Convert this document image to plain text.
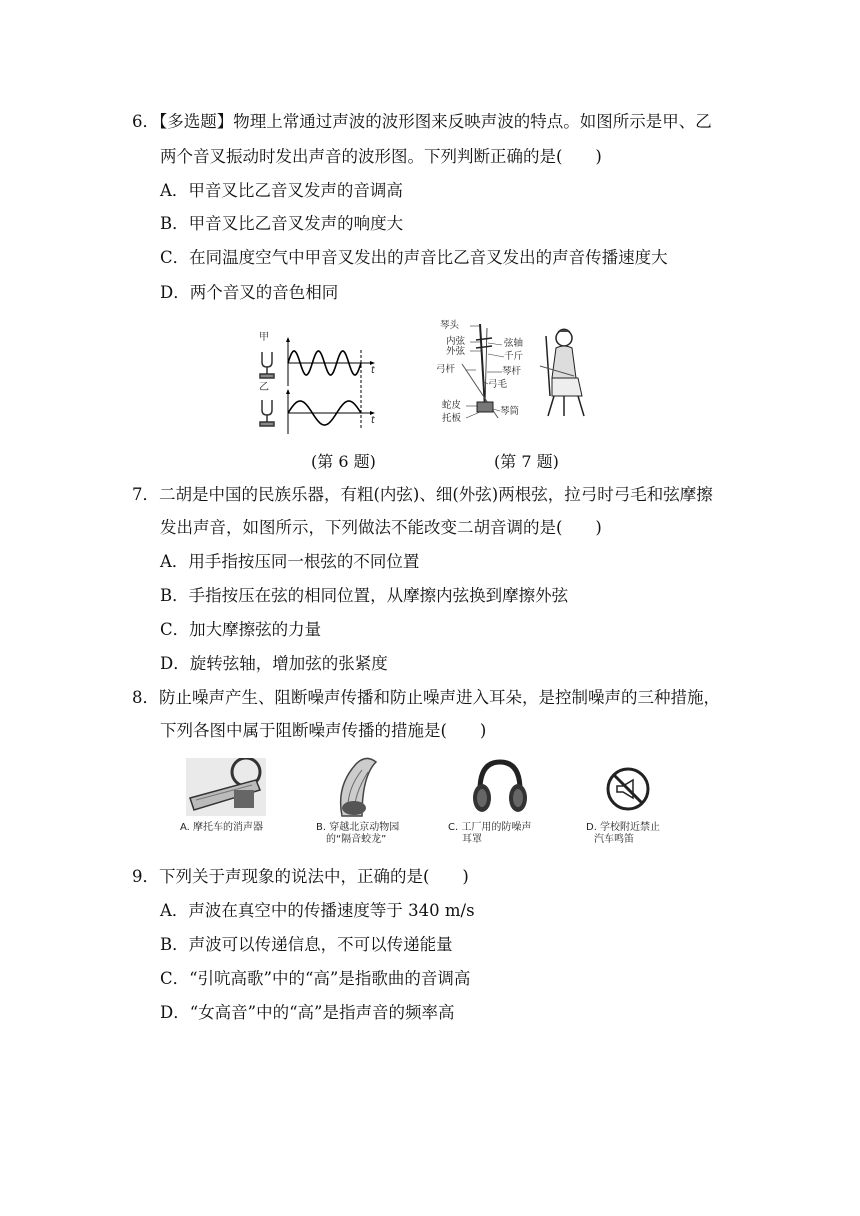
6．【多选题】物理上常通过声波的波形图来反映声波的特点。如图所示是甲、乙
两个音叉振动时发出声音的波形图。下列判断正确的是(　　)
A．甲音叉比乙音叉发声的音调高
B．甲音叉比乙音叉发声的响度大
C．在同温度空气中甲音叉发出的声音比乙音叉发出的声音传播速度大
D．两个音叉的音色相同
甲
乙
t
t
琴头
内弦
外弦
弦轴
千斤
弓杆	琴杆
弓毛
蛇皮
托板
琴筒
(第 6 题)	(第 7 题)
7．二胡是中国的民族乐器，有粗(内弦)、细(外弦)两根弦，拉弓时弓毛和弦摩擦
发出声音，如图所示，下列做法不能改变二胡音调的是(　　)
A．用手指按压同一根弦的不同位置
B．手指按压在弦的相同位置，从摩擦内弦换到摩擦外弦
C．加大摩擦弦的力量
D．旋转弦轴，增加弦的张紧度
8．防止噪声产生、阻断噪声传播和防止噪声进入耳朵，是控制噪声的三种措施，
下列各图中属于阻断噪声传播的措施是(　　)
A. 摩托车的消声器	B. 穿越北京动物园
的“隔音蛟龙”
C. 工厂用的防噪声
耳罩
D. 学校附近禁止
汽车鸣笛
9．下列关于声现象的说法中，正确的是(　　)
A．声波在真空中的传播速度等于 340 m/s
B．声波可以传递信息，不可以传递能量
C．“引吭高歌”中的“高”是指歌曲的音调高
D．“女高音”中的“高”是指声音的频率高
